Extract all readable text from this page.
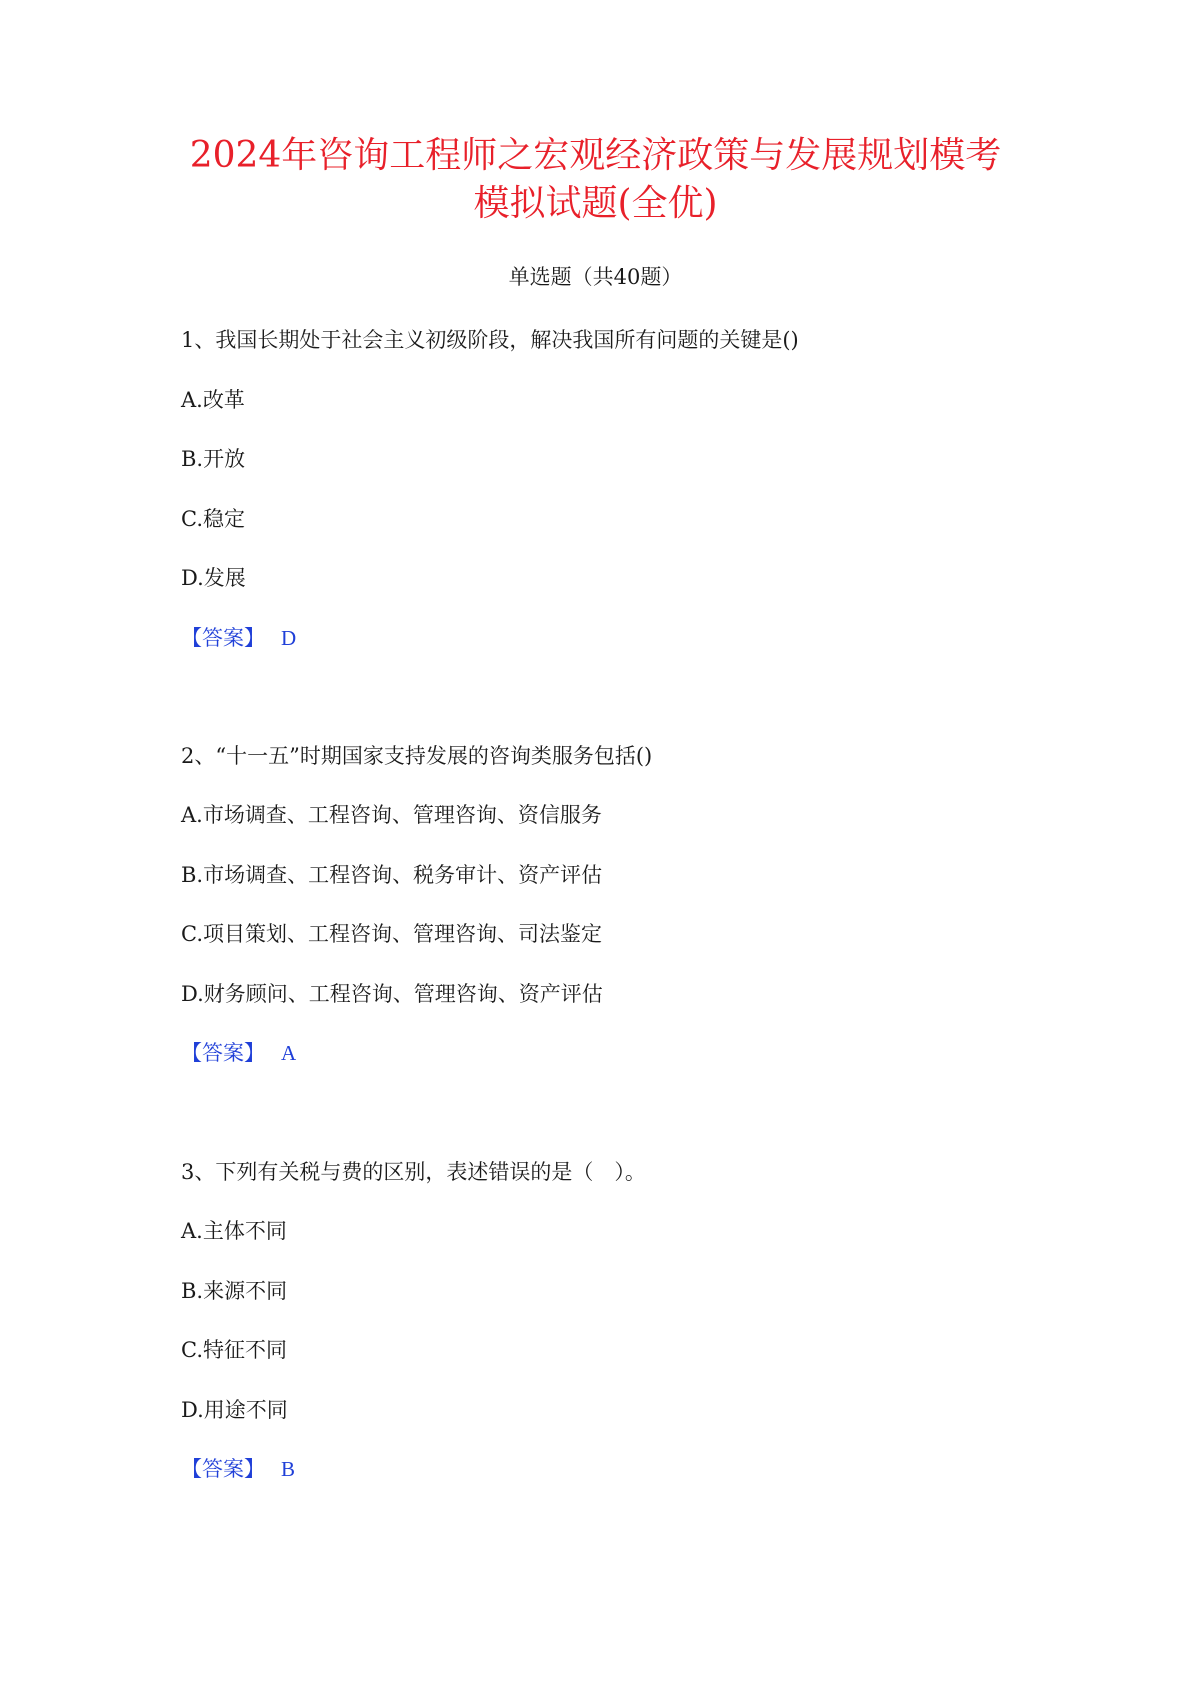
2024年咨询工程师之宏观经济政策与发展规划模考
模拟试题(全优)
单选题（共40题）
1、我国长期处于社会主义初级阶段，解决我国所有问题的关键是()
A.改革
B.开放
C.稳定
D.发展
【答案】 D
2、“十一五”时期国家支持发展的咨询类服务包括()
A.市场调查、工程咨询、管理咨询、资信服务
B.市场调查、工程咨询、税务审计、资产评估
C.项目策划、工程咨询、管理咨询、司法鉴定
D.财务顾问、工程咨询、管理咨询、资产评估
【答案】 A
3、下列有关税与费的区别，表述错误的是（　）。
A.主体不同
B.来源不同
C.特征不同
D.用途不同
【答案】 B
